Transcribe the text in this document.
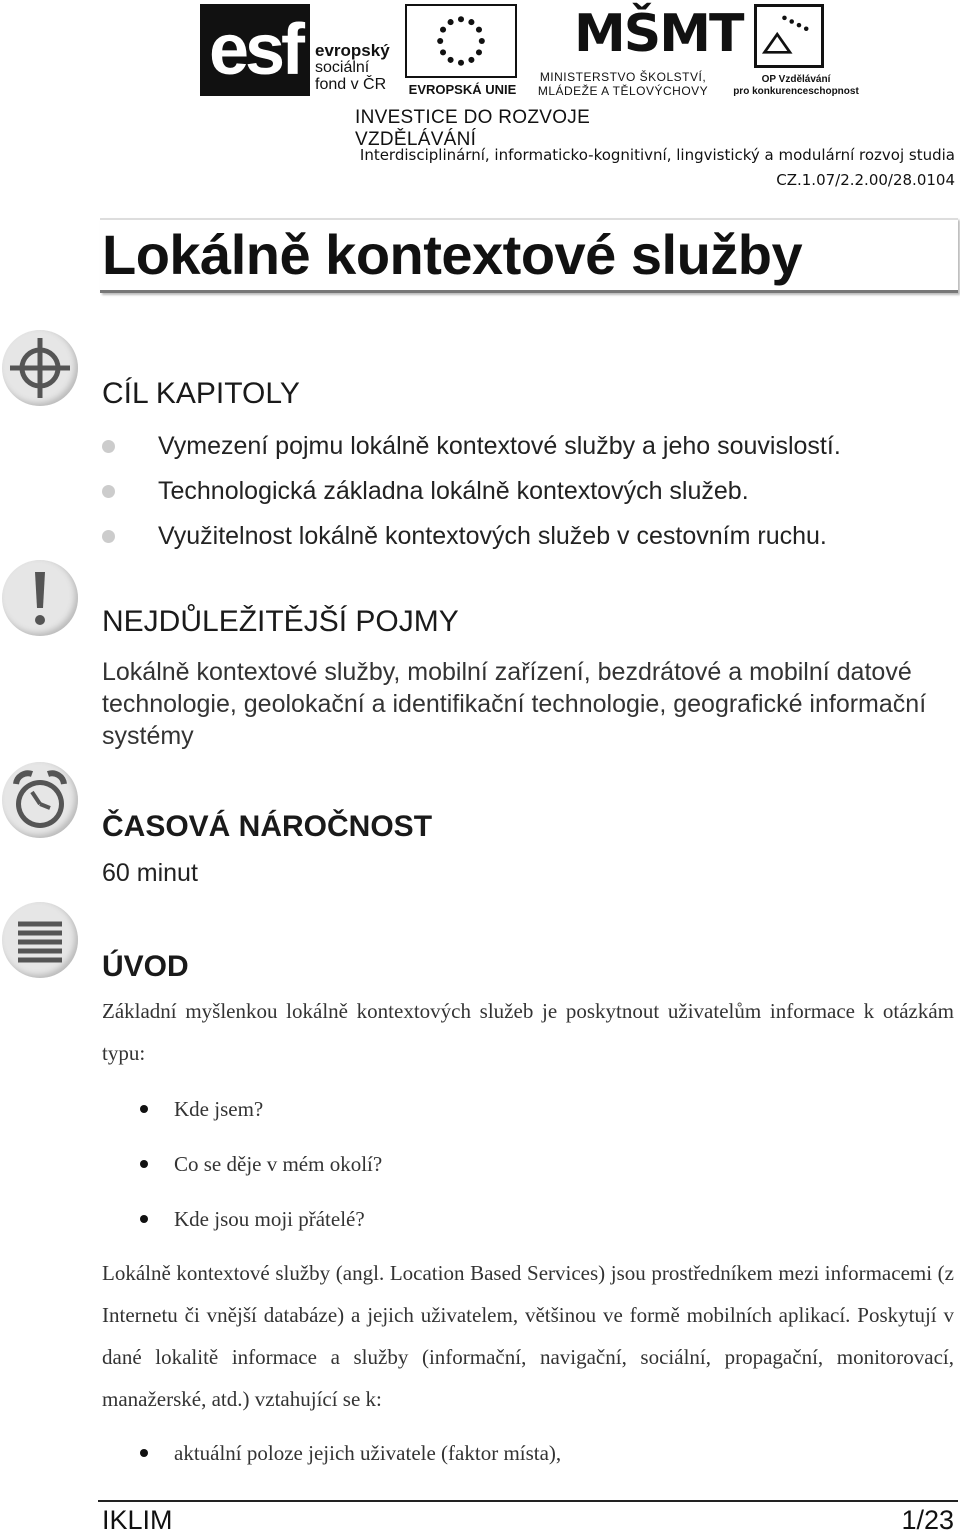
esf evropský
sociální
fond v ČR EVROPSKÁ UNIE
MŠMT
MINISTERSTVO ŠKOLSTVÍ,
MLÁDEŽE A TĚLOVÝCHOVY
OP Vzdělávání
pro konkurenceschopnost
INVESTICE DO ROZVOJE VZDĚLÁVÁNÍ
Interdisciplinární, informaticko-kognitivní, lingvistický a modulární rozvoj studia
CZ.1.07/2.2.00/28.0104
Lokálně kontextové služby
CÍL KAPITOLY
Vymezení pojmu lokálně kontextové služby a jeho souvislostí.
Technologická základna lokálně kontextových služeb.
Využitelnost lokálně kontextových služeb v cestovním ruchu.
NEJDŮLEŽITĚJŠÍ POJMY
Lokálně kontextové služby, mobilní zařízení, bezdrátové a mobilní datové technologie, geolokační a identifikační technologie, geografické informační systémy
ČASOVÁ NÁROČNOST
60 minut
ÚVOD
Základní myšlenkou lokálně kontextových služeb je poskytnout uživatelům informace k otázkám typu:
Kde jsem?
Co se děje v mém okolí?
Kde jsou moji přátelé?
Lokálně kontextové služby (angl. Location Based Services) jsou prostředníkem mezi informacemi (z Internetu či vnější databáze) a jejich uživatelem, většinou ve formě mobilních aplikací. Poskytují v dané lokalitě informace a služby (informační, navigační, sociální, propagační, monitorovací, manažerské, atd.) vztahující se k:
aktuální poloze jejich uživatele (faktor místa),
IKLIM	1/23
